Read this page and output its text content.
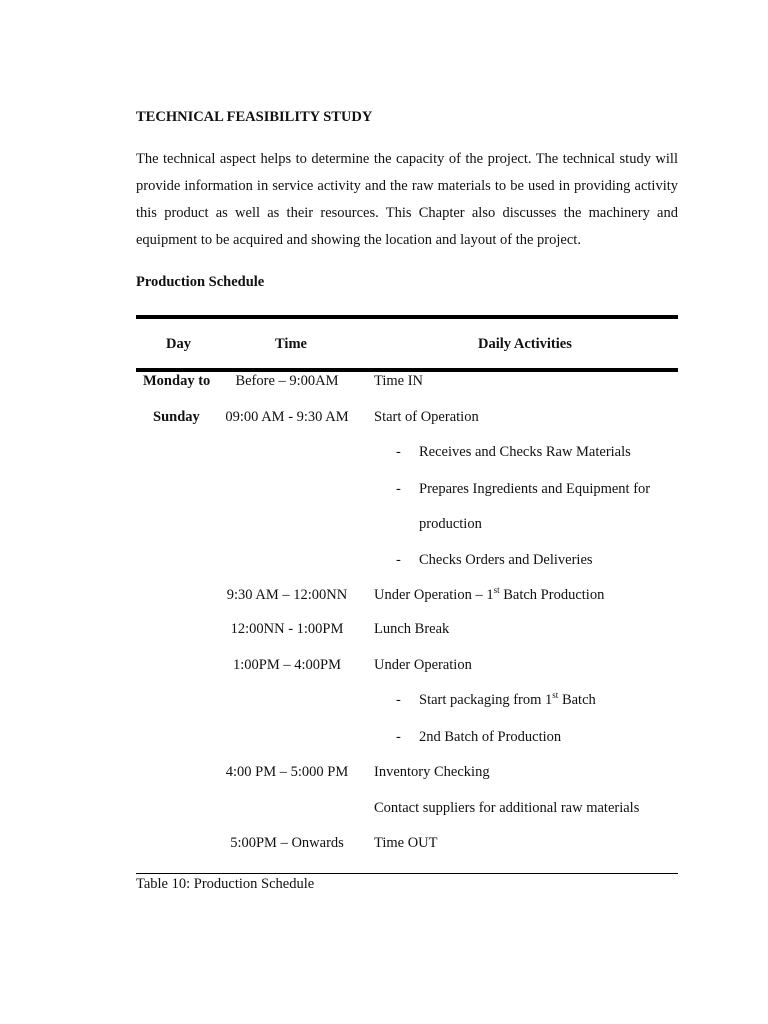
TECHNICAL FEASIBILITY STUDY

The technical aspect helps to determine the capacity of the project. The technical study will provide information in service activity and the raw materials to be used in providing activity this product as well as their resources. This Chapter also discusses the machinery and equipment to be acquired and showing the location and layout of the project.

Production Schedule

Day	Time	Daily Activities
Monday to
Sunday
Before – 9:00AM	Time IN
09:00 AM - 9:30 AM	Start of Operation
- Receives and Checks Raw Materials
- Prepares Ingredients and Equipment for
production
- Checks Orders and Deliveries
9:30 AM – 12:00NN	Under Operation – 1st Batch Production
12:00NN - 1:00PM	Lunch Break
1:00PM – 4:00PM	Under Operation
- Start packaging from 1st Batch
- 2nd Batch of Production
4:00 PM – 5:000 PM	Inventory Checking
Contact suppliers for additional raw materials
5:00PM – Onwards	Time OUT
Table 10: Production Schedule
